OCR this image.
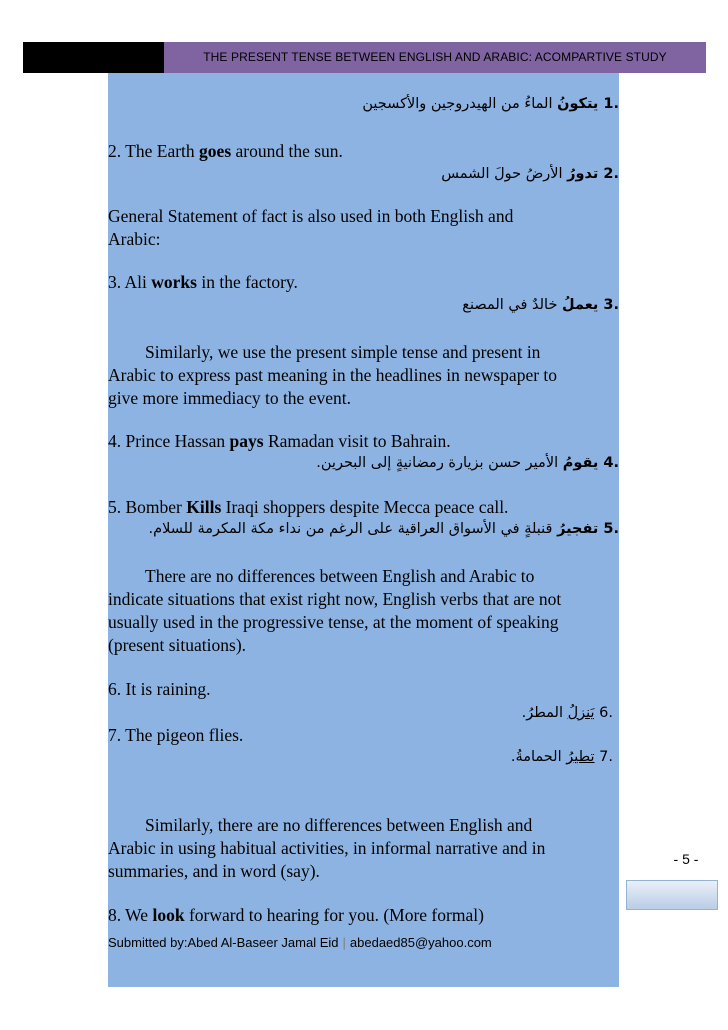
THE PRESENT TENSE BETWEEN ENGLISH AND ARABIC: ACOMPARTIVE STUDY
.1 يتكونُ الماءُ من الهيدروجين والأكسجين
2. The Earth goes around the sun.
.2 تدورُ الأرضُ حولَ الشمس
General Statement of fact is also used in both English and
Arabic:
3. Ali works in the factory.
.3 يعملُ خالدٌ في المصنع
Similarly, we use the present simple tense and present in
Arabic to express past meaning in the headlines in newspaper to
give more immediacy to the event.
4. Prince Hassan pays Ramadan visit to Bahrain.
.4 يقومُ الأمير حسن بزيارة رمضانيةٍ إلى البحرين.
5. Bomber Kills Iraqi shoppers despite Mecca peace call.
.5 تفجيرُ قنبلةٍ في الأسواق العراقية على الرغم من نداء مكة المكرمة للسلام.
There are no differences between English and Arabic to
indicate situations that exist right now, English verbs that are not
usually used in the progressive tense, at the moment of speaking
(present situations).
6. It is raining.
.6 يَنزلُ المطرُ.
7. The pigeon flies.
.7 تطيرُ الحمامةُ.
Similarly, there are no differences between English and
Arabic in using habitual activities, in informal narrative and in
summaries, and in word (say).
8. We look forward to hearing for you. (More formal)
Submitted by:Abed Al-Baseer Jamal Eid | abedaed85@yahoo.com
- 5 -
